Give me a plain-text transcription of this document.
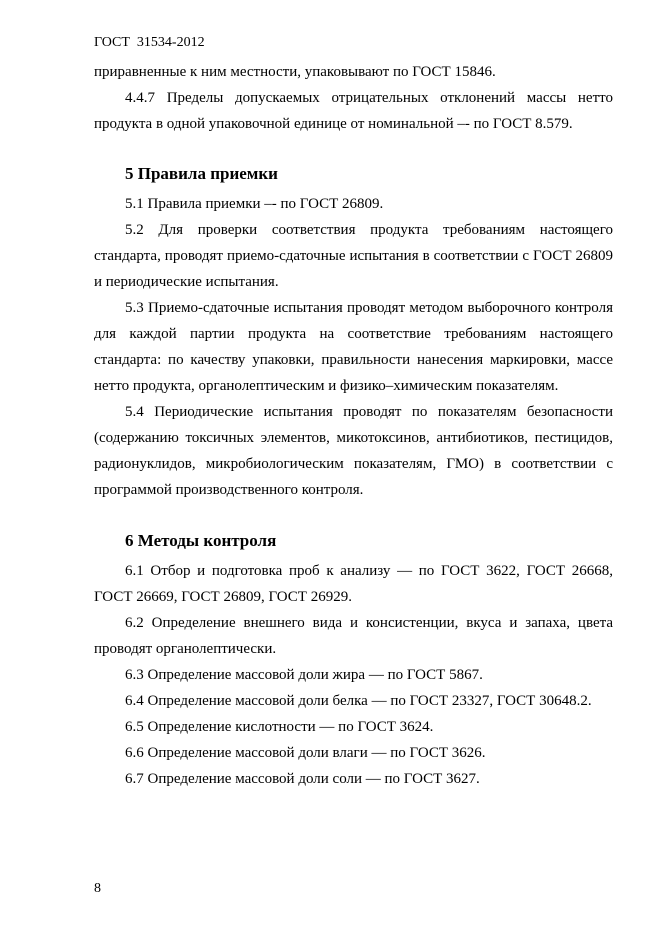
ГОСТ  31534-2012

приравненные к ним местности, упаковывают по ГОСТ 15846.

4.4.7 Пределы допускаемых отрицательных отклонений массы нетто продукта в одной упаковочной единице от номинальной –- по ГОСТ 8.579.

5 Правила приемки

5.1 Правила приемки –- по ГОСТ 26809.

5.2 Для проверки соответствия продукта требованиям настоящего стандарта, проводят приемо-сдаточные испытания в соответствии с ГОСТ 26809 и периодические испытания.

5.3 Приемо-сдаточные испытания проводят методом выборочного контроля для каждой партии продукта на соответствие требованиям настоящего стандарта: по качеству упаковки, правильности нанесения маркировки, массе нетто продукта, органолептическим и физико–химическим показателям.

5.4 Периодические испытания проводят по показателям безопасности (содержанию токсичных элементов, микотоксинов, антибиотиков, пестицидов, радионуклидов, микробиологическим показателям, ГМО) в соответствии с программой производственного контроля.

6 Методы контроля

6.1 Отбор и подготовка проб к анализу — по ГОСТ 3622, ГОСТ 26668, ГОСТ 26669, ГОСТ 26809, ГОСТ 26929.

6.2 Определение внешнего вида и консистенции, вкуса и запаха, цвета проводят органолептически.

6.3 Определение массовой доли жира — по ГОСТ 5867.

6.4 Определение массовой доли белка — по ГОСТ 23327, ГОСТ 30648.2.

6.5 Определение кислотности — по ГОСТ 3624.

6.6 Определение массовой доли влаги — по ГОСТ 3626.

6.7 Определение массовой доли соли — по ГОСТ 3627.

8
